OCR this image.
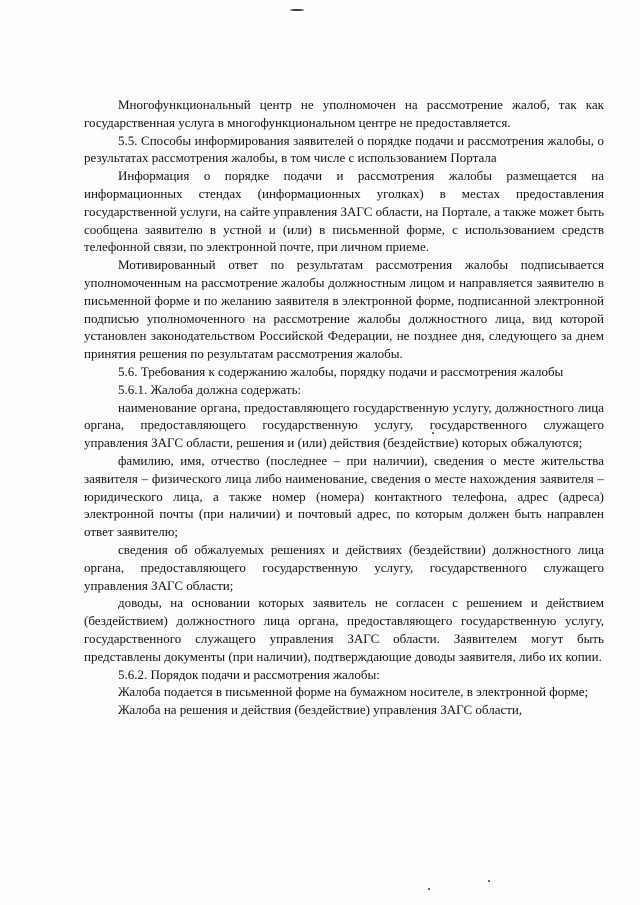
Многофункциональный центр не уполномочен на рассмотрение жалоб, так как государственная услуга в многофункциональном центре не предоставляется.

5.5. Способы информирования заявителей о порядке подачи и рассмотрения жалобы, о результатах рассмотрения жалобы, в том числе с использованием Портала

Информация о порядке подачи и рассмотрения жалобы размещается на информационных стендах (информационных уголках) в местах предоставления государственной услуги, на сайте управления ЗАГС области, на Портале, а также может быть сообщена заявителю в устной и (или) в письменной форме, с использованием средств телефонной связи, по электронной почте, при личном приеме.

Мотивированный ответ по результатам рассмотрения жалобы подписывается уполномоченным на рассмотрение жалобы должностным лицом и направляется заявителю в письменной форме и по желанию заявителя в электронной форме, подписанной электронной подписью уполномоченного на рассмотрение жалобы должностного лица, вид которой установлен законодательством Российской Федерации, не позднее дня, следующего за днем принятия решения по результатам рассмотрения жалобы.

5.6. Требования к содержанию жалобы, порядку подачи и рассмотрения жалобы

5.6.1. Жалоба должна содержать:

наименование органа, предоставляющего государственную услугу, должностного лица органа, предоставляющего государственную услугу, государственного служащего управления ЗАГС области, решения и (или) действия (бездействие) которых обжалуются;

фамилию, имя, отчество (последнее – при наличии), сведения о месте жительства заявителя – физического лица либо наименование, сведения о месте нахождения заявителя – юридического лица, а также номер (номера) контактного телефона, адрес (адреса) электронной почты (при наличии) и почтовый адрес, по которым должен быть направлен ответ заявителю;

сведения об обжалуемых решениях и действиях (бездействии) должностного лица органа, предоставляющего государственную услугу, государственного служащего управления ЗАГС области;

доводы, на основании которых заявитель не согласен с решением и действием (бездействием) должностного лица органа, предоставляющего государственную услугу, государственного служащего управления ЗАГС области. Заявителем могут быть представлены документы (при наличии), подтверждающие доводы заявителя, либо их копии.

5.6.2. Порядок подачи и рассмотрения жалобы:

Жалоба подается в письменной форме на бумажном носителе, в электронной форме;

Жалоба на решения и действия (бездействие) управления ЗАГС области,
